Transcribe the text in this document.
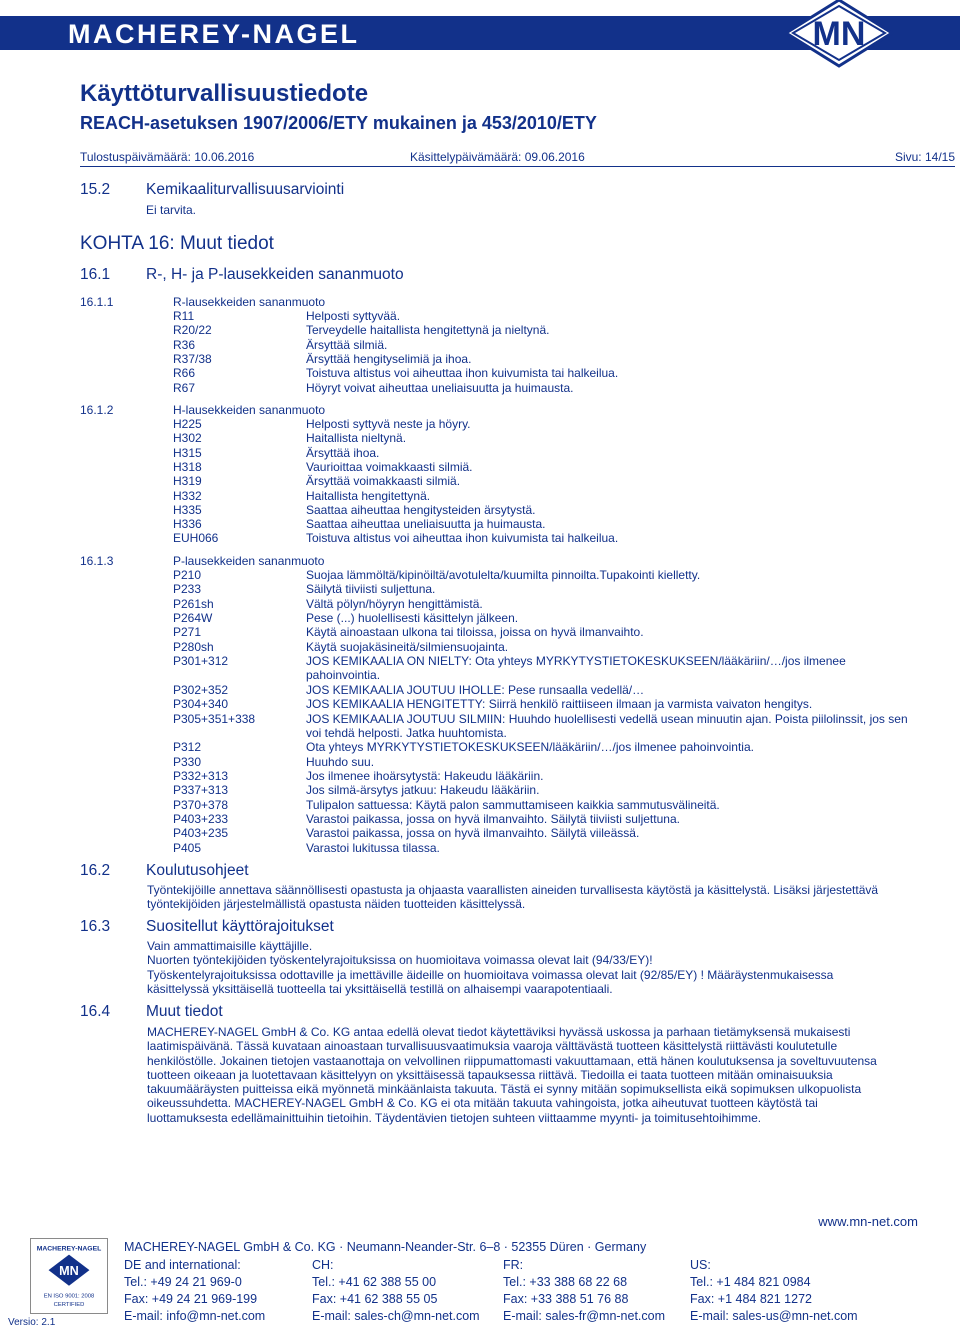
MACHEREY-NAGEL	MN
Käyttöturvallisuustiedote
REACH-asetuksen 1907/2006/ETY mukainen ja 453/2010/ETY
Tulostuspäivämäärä: 10.06.2016	Käsittelypäivämäärä: 09.06.2016	Sivu: 14/15
15.2 Kemikaaliturvallisuusarviointi
Ei tarvita.
KOHTA 16: Muut tiedot
16.1 R-, H- ja P-lausekkeiden sananmuoto
16.1.1	R-lausekkeiden sananmuoto
R11	Helposti syttyvää.
R20/22	Terveydelle haitallista hengitettynä ja nieltynä.
R36	Ärsyttää silmiä.
R37/38	Ärsyttää hengityselimiä ja ihoa.
R66	Toistuva altistus voi aiheuttaa ihon kuivumista tai halkeilua.
R67	Höyryt voivat aiheuttaa uneliaisuutta ja huimausta.
16.1.2	H-lausekkeiden sananmuoto
H225	Helposti syttyvä neste ja höyry.
H302	Haitallista nieltynä.
H315	Ärsyttää ihoa.
H318	Vaurioittaa voimakkaasti silmiä.
H319	Ärsyttää voimakkaasti silmiä.
H332	Haitallista hengitettynä.
H335	Saattaa aiheuttaa hengitysteiden ärsytystä.
H336	Saattaa aiheuttaa uneliaisuutta ja huimausta.
EUH066	Toistuva altistus voi aiheuttaa ihon kuivumista tai halkeilua.
16.1.3	P-lausekkeiden sananmuoto
P210	Suojaa lämmöltä/kipinöiltä/avotulelta/kuumilta pinnoilta.Tupakointi kielletty.
P233	Säilytä tiiviisti suljettuna.
P261sh	Vältä pölyn/höyryn hengittämistä.
P264W	Pese (...) huolellisesti käsittelyn jälkeen.
P271	Käytä ainoastaan ulkona tai tiloissa, joissa on hyvä ilmanvaihto.
P280sh	Käytä suojakäsineitä/silmiensuojainta.
P301+312	JOS KEMIKAALIA ON NIELTY: Ota yhteys MYRKYTYSTIETOKESKUKSEEN/lääkäriin/…/jos ilmenee pahoinvointia.
P302+352	JOS KEMIKAALIA JOUTUU IHOLLE: Pese runsaalla vedellä/…
P304+340	JOS KEMIKAALIA HENGITETTY: Siirrä henkilö raittiiseen ilmaan ja varmista vaivaton hengitys.
P305+351+338	JOS KEMIKAALIA JOUTUU SILMIIN: Huuhdo huolellisesti vedellä usean minuutin ajan. Poista piilolinssit, jos sen voi tehdä helposti. Jatka huuhtomista.
P312	Ota yhteys MYRKYTYSTIETOKESKUKSEEN/lääkäriin/…/jos ilmenee pahoinvointia.
P330	Huuhdo suu.
P332+313	Jos ilmenee ihoärsytystä: Hakeudu lääkäriin.
P337+313	Jos silmä-ärsytys jatkuu: Hakeudu lääkäriin.
P370+378	Tulipalon sattuessa: Käytä palon sammuttamiseen kaikkia sammutusvälineitä.
P403+233	Varastoi paikassa, jossa on hyvä ilmanvaihto. Säilytä tiiviisti suljettuna.
P403+235	Varastoi paikassa, jossa on hyvä ilmanvaihto. Säilytä viileässä.
P405	Varastoi lukitussa tilassa.
16.2 Koulutusohjeet
Työntekijöille annettava säännöllisesti opastusta ja ohjaasta vaarallisten aineiden turvallisesta käytöstä ja käsittelystä. Lisäksi järjestettävä työntekijöiden järjestelmällistä opastusta näiden tuotteiden käsittelyssä.
16.3 Suositellut käyttörajoitukset
Vain ammattimaisille käyttäjille.
Nuorten työntekijöiden työskentelyrajoituksissa on huomioitava voimassa olevat lait (94/33/EY)!
Työskentelyrajoituksissa odottaville ja imettäville äideille on huomioitava voimassa olevat lait (92/85/EY) ! Määräystenmukaisessa käsittelyssä yksittäisellä tuotteella tai yksittäisellä testillä on alhaisempi vaarapotentiaali.
16.4 Muut tiedot
MACHEREY-NAGEL GmbH & Co. KG antaa edellä olevat tiedot käytettäviksi hyvässä uskossa ja parhaan tietämyksensä mukaisesti laatimispäivänä. Tässä kuvataan ainoastaan turvallisuusvaatimuksia vaaroja välttävästä tuotteen käsittelystä riittävästi koulutetulle henkilöstölle. Jokainen tietojen vastaanottaja on velvollinen riippumattomasti vakuuttamaan, että hänen koulutuksensa ja soveltuvuutensa tuotteen oikeaan ja luotettavaan käsittelyyn on yksittäisessä tapauksessa riittävä. Tiedoilla ei taata tuotteen mitään ominaisuuksia takuumääräysten puitteissa eikä myönnetä minkäänlaista takuuta. Tästä ei synny mitään sopimuksellista eikä sopimuksen ulkopuolista oikeussuhdetta. MACHEREY-NAGEL GmbH & Co. KG ei ota mitään takuuta vahingoista, jotka aiheutuvat tuotteen käytöstä tai luottamuksesta edellämainittuihin tietoihin. Täydentävien tietojen suhteen viittaamme myynti- ja toimitusehtoihimme.
www.mn-net.com
MACHEREY-NAGEL
MN
EN ISO 9001: 2008
CERTIFIED
Versio: 2.1
MACHEREY-NAGEL GmbH & Co. KG · Neumann-Neander-Str. 6–8 · 52355 Düren · Germany
DE and international:
Tel.: +49 24 21 969-0
Fax: +49 24 21 969-199
E-mail: info@mn-net.com
CH:
Tel.: +41 62 388 55 00
Fax: +41 62 388 55 05
E-mail: sales-ch@mn-net.com
FR:
Tel.: +33 388 68 22 68
Fax: +33 388 51 76 88
E-mail: sales-fr@mn-net.com
US:
Tel.: +1 484 821 0984
Fax: +1 484 821 1272
E-mail: sales-us@mn-net.com
